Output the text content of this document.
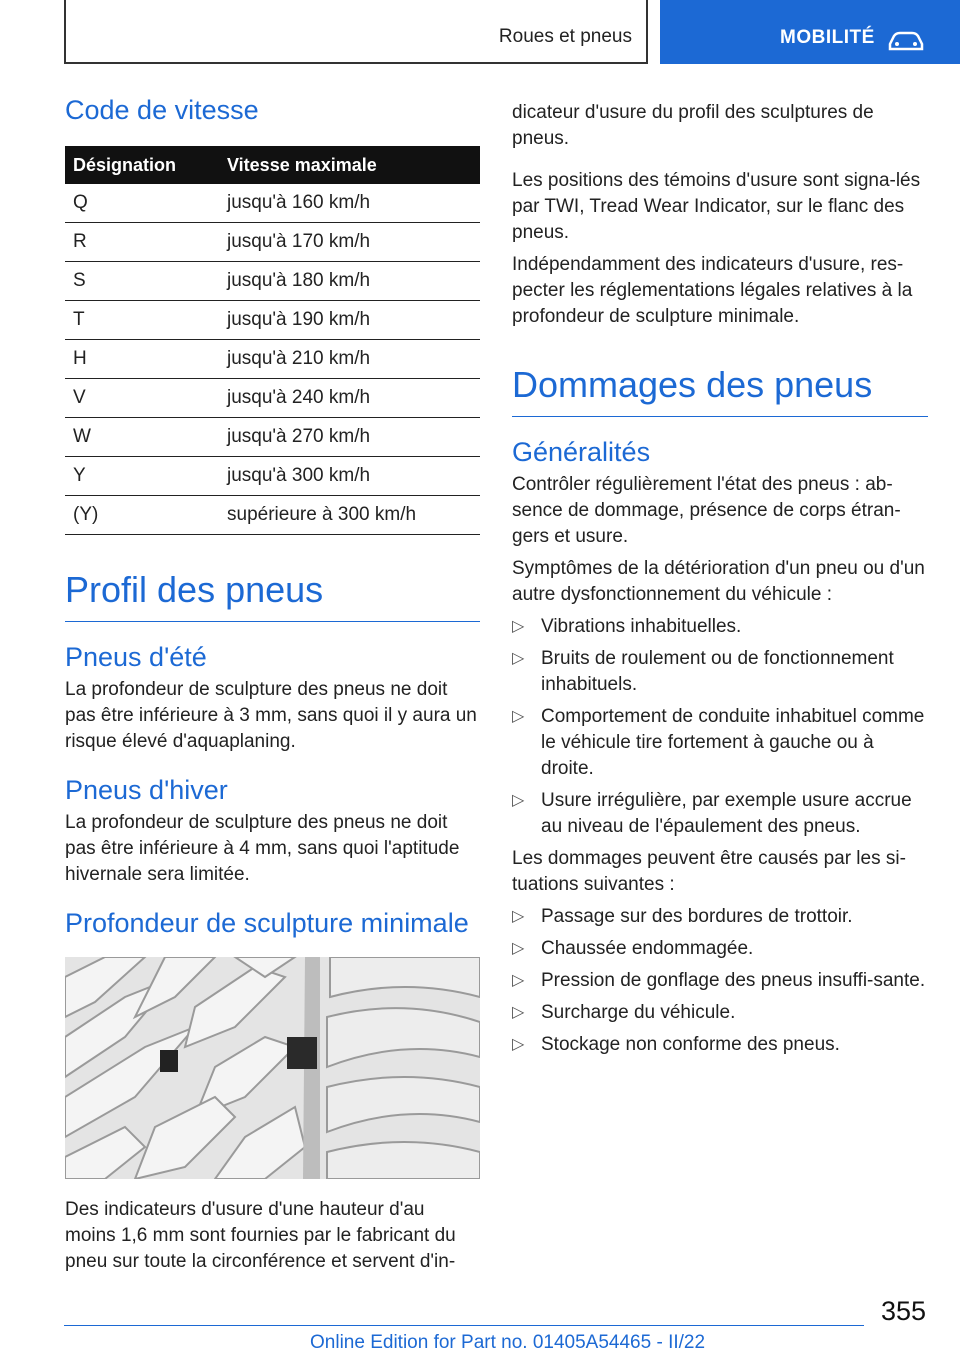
Roues et pneus	MOBILITÉ
Code de vitesse
Désignation	Vitesse maximale
Q	jusqu'à 160 km/h
R	jusqu'à 170 km/h
S	jusqu'à 180 km/h
T	jusqu'à 190 km/h
H	jusqu'à 210 km/h
V	jusqu'à 240 km/h
W	jusqu'à 270 km/h
Y	jusqu'à 300 km/h
(Y)	supérieure à 300 km/h
Profil des pneus
Pneus d'été

La profondeur de sculpture des pneus ne doit pas être inférieure à 3 mm, sans quoi il y aura un risque élevé d'aquaplaning.

Pneus d'hiver

La profondeur de sculpture des pneus ne doit pas être inférieure à 4 mm, sans quoi l'aptitude hivernale sera limitée.

Profondeur de sculpture minimale

Des indicateurs d'usure d'une hauteur d'au moins 1,6 mm sont fournies par le fabricant du pneu sur toute la circonférence et servent d'in-

dicateur d'usure du profil des sculptures de pneus.

Les positions des témoins d'usure sont signa‐lés par TWI, Tread Wear Indicator, sur le flanc des pneus.

Indépendamment des indicateurs d'usure, res‐pecter les réglementations légales relatives à la profondeur de sculpture minimale.

Dommages des pneus
Généralités

Contrôler régulièrement l'état des pneus : ab‐sence de dommage, présence de corps étran‐gers et usure.

Symptômes de la détérioration d'un pneu ou d'un autre dysfonctionnement du véhicule :

▷ Vibrations inhabituelles.
▷ Bruits de roulement ou de fonctionnement inhabituels.
▷ Comportement de conduite inhabituel comme le véhicule tire fortement à gauche ou à droite.
▷ Usure irrégulière, par exemple usure accrue au niveau de l'épaulement des pneus.

Les dommages peuvent être causés par les si‐tuations suivantes :

▷ Passage sur des bordures de trottoir.
▷ Chaussée endommagée.
▷ Pression de gonflage des pneus insuffi‐sante.
▷ Surcharge du véhicule.
▷ Stockage non conforme des pneus.
355
Online Edition for Part no. 01405A54465 - II/22
